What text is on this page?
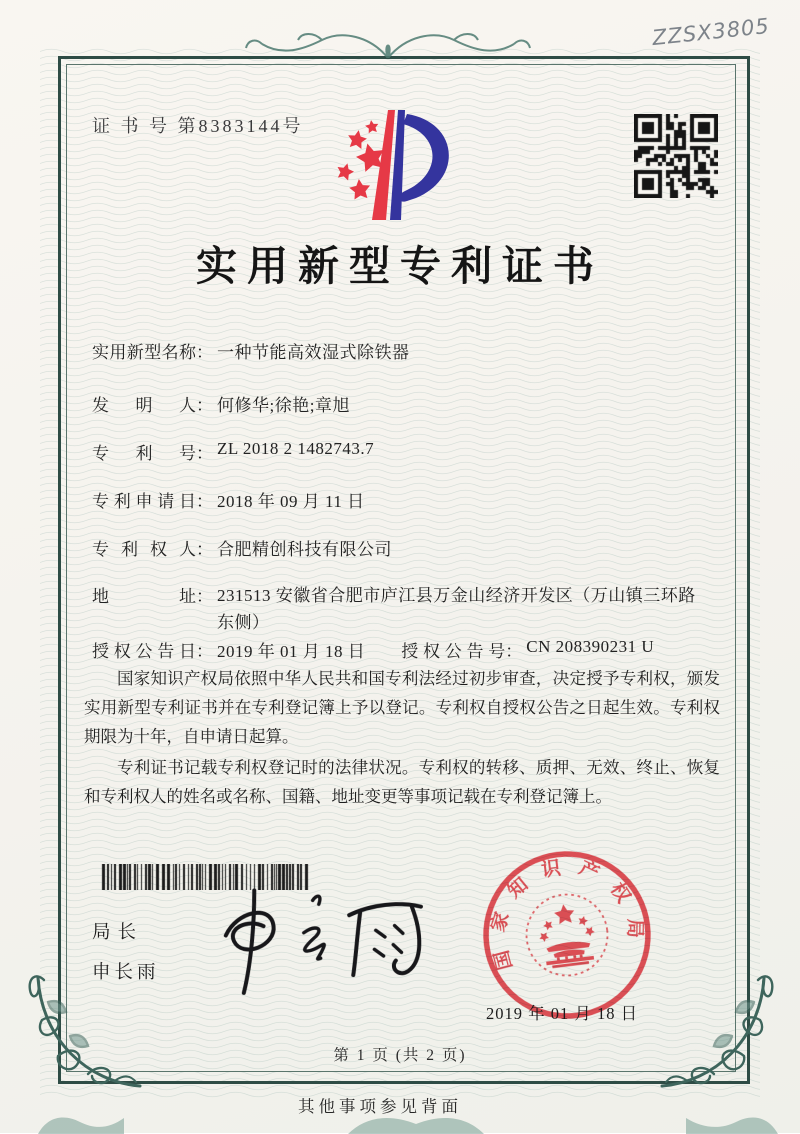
ZZSX3805
证 书 号 第8383144号
实用新型专利证书
实用新型名称： 一种节能高效湿式除铁器
发明人： 何修华;徐艳;章旭
专利号： ZL 2018 2 1482743.7
专利申请日： 2018 年 09 月 11 日
专利权人： 合肥精创科技有限公司
地址： 231513 安徽省合肥市庐江县万金山经济开发区（万山镇三环路东侧）
授权公告日： 2019 年 01 月 18 日 授权公告号： CN 208390231 U

国家知识产权局依照中华人民共和国专利法经过初步审查，决定授予专利权，颁发实用新型专利证书并在专利登记簿上予以登记。专利权自授权公告之日起生效。专利权期限为十年，自申请日起算。

专利证书记载专利权登记时的法律状况。专利权的转移、质押、无效、终止、恢复和专利权人的姓名或名称、国籍、地址变更等事项记载在专利登记簿上。

局长
申长雨
国家知识产权局
2019 年 01 月 18 日
第 1 页 (共 2 页)
其他事项参见背面
